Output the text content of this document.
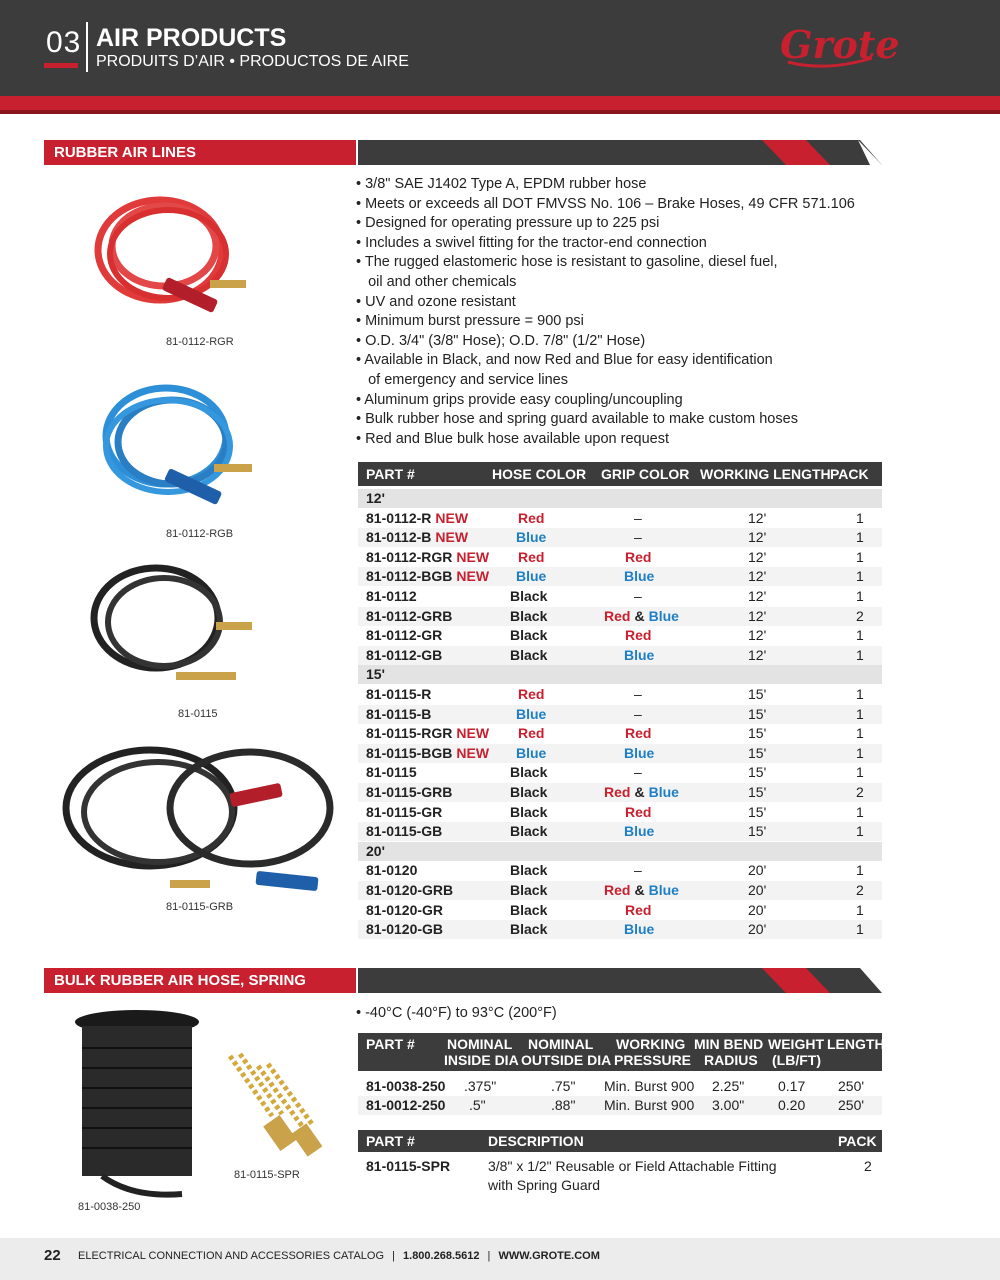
03 AIR PRODUCTS
PRODUITS D’AIR • PRODUCTOS DE AIRE	Grote
RUBBER AIR LINES
81-0112-RGR
81-0112-RGB
81-0115
81-0115-GRB
• 3/8" SAE J1402 Type A, EPDM rubber hose
• Meets or exceeds all DOT FMVSS No. 106 – Brake Hoses, 49 CFR 571.106
• Designed for operating pressure up to 225 psi
• Includes a swivel fitting for the tractor-end connection
• The rugged elastomeric hose is resistant to gasoline, diesel fuel,
oil and other chemicals
• UV and ozone resistant
• Minimum burst pressure = 900 psi
• O.D. 3/4" (3/8" Hose); O.D. 7/8" (1/2" Hose)
• Available in Black, and now Red and Blue for easy identification
of emergency and service lines
• Aluminum grips provide easy coupling/uncoupling
• Bulk rubber hose and spring guard available to make custom hoses
• Red and Blue bulk hose available upon request
PART #	HOSE COLOR GRIP COLOR WORKING LENGTH PACK
12'
81-0112-R NEW	Red	–	12'	1
81-0112-B NEW	Blue	–	12'	1
81-0112-RGR NEW Red	Red	12'	1
81-0112-BGB NEW Blue	Blue	12'	1
81-0112	Black	–	12'	1
81-0112-GRB	Black	Red & Blue	12'	2
81-0112-GR	Black	Red	12'	1
81-0112-GB	Black	Blue	12'	1
15'
81-0115-R	Red	–	15'	1
81-0115-B	Blue	–	15'	1
81-0115-RGR NEW Red	Red	15'	1
81-0115-BGB NEW Blue	Blue	15'	1
81-0115	Black	–	15'	1
81-0115-GRB	Black	Red & Blue	15'	2
81-0115-GR	Black	Red	15'	1
81-0115-GB	Black	Blue	15'	1
20'
81-0120	Black	–	20'	1
81-0120-GRB	Black	Red & Blue	20'	2
81-0120-GR	Black	Red	20'	1
81-0120-GB	Black	Blue	20'	1
BULK RUBBER AIR HOSE, SPRING GUARD
81-0038-250
81-0115-SPR
• -40°C (-40°F) to 93°C (200°F)
PART # NOMINAL
INSIDE DIA
NOMINAL
OUTSIDE DIA
WORKING
PRESSURE
MIN BEND
RADIUS
WEIGHT
(LB/FT)
LENGTH
81-0038-250 .375"	.75" Min. Burst 900 2.25" 0.17 250'
81-0012-250 .5"	.88" Min. Burst 900 3.00" 0.20 250'
PART #	DESCRIPTION	PACK
81-0115-SPR	3/8" x 1/2" Reusable or Field Attachable Fitting
with Spring Guard
2
22 ELECTRICAL CONNECTION AND ACCESSORIES CATALOG | 1.800.268.5612 | WWW.GROTE.COM
